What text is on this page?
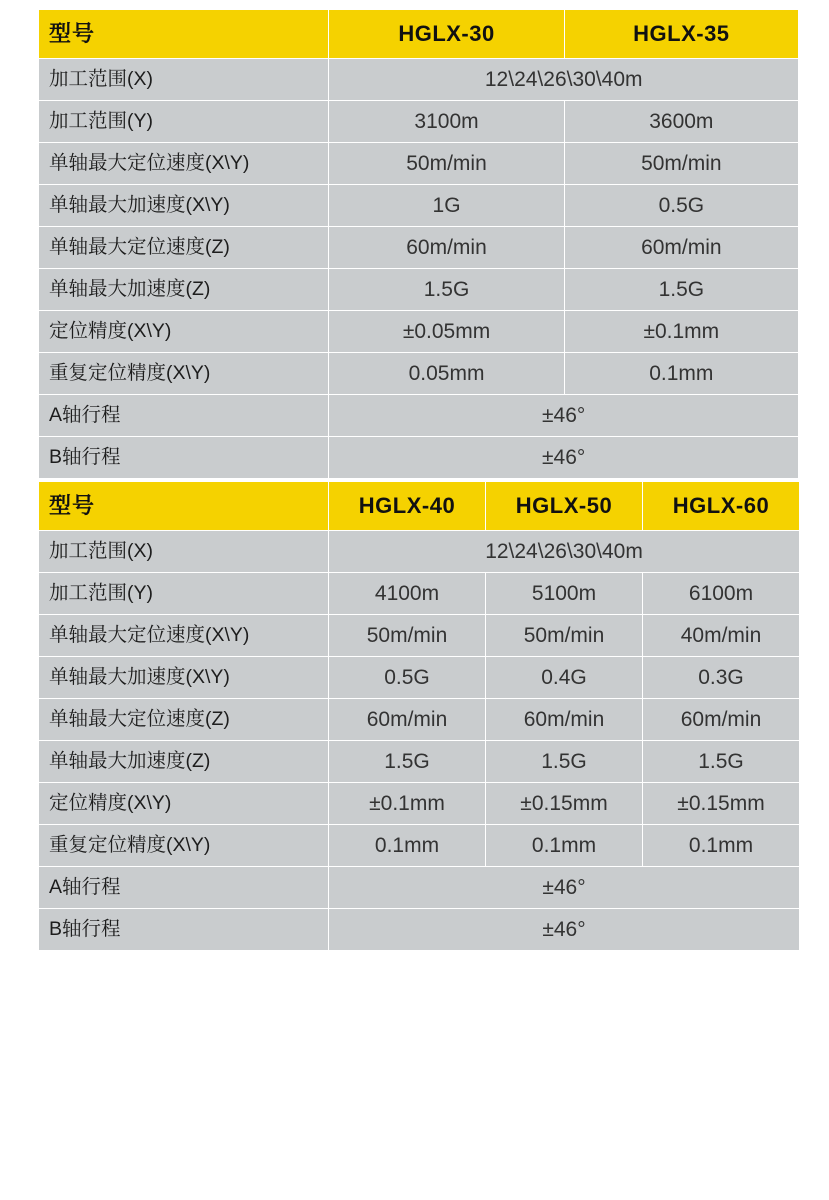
型号	HGLX-30	HGLX-35
加工范围(X)	12\24\26\30\40m	
加工范围(Y)	3100m	3600m
单轴最大定位速度(X\Y)	50m/min	50m/min
单轴最大加速度(X\Y)	1G	0.5G
单轴最大定位速度(Z)	60m/min	60m/min
单轴最大加速度(Z)	1.5G	1.5G
定位精度(X\Y)	±0.05mm	±0.1mm
重复定位精度(X\Y)	0.05mm	0.1mm
A轴行程	±46°	
B轴行程	±46°	
型号	HGLX-40	HGLX-50	HGLX-60
加工范围(X)	12\24\26\30\40m		
加工范围(Y)	4100m	5100m	6100m
单轴最大定位速度(X\Y)	50m/min	50m/min	40m/min
单轴最大加速度(X\Y)	0.5G	0.4G	0.3G
单轴最大定位速度(Z)	60m/min	60m/min	60m/min
单轴最大加速度(Z)	1.5G	1.5G	1.5G
定位精度(X\Y)	±0.1mm	±0.15mm	±0.15mm
重复定位精度(X\Y)	0.1mm	0.1mm	0.1mm
A轴行程	±46°		
B轴行程	±46°		
